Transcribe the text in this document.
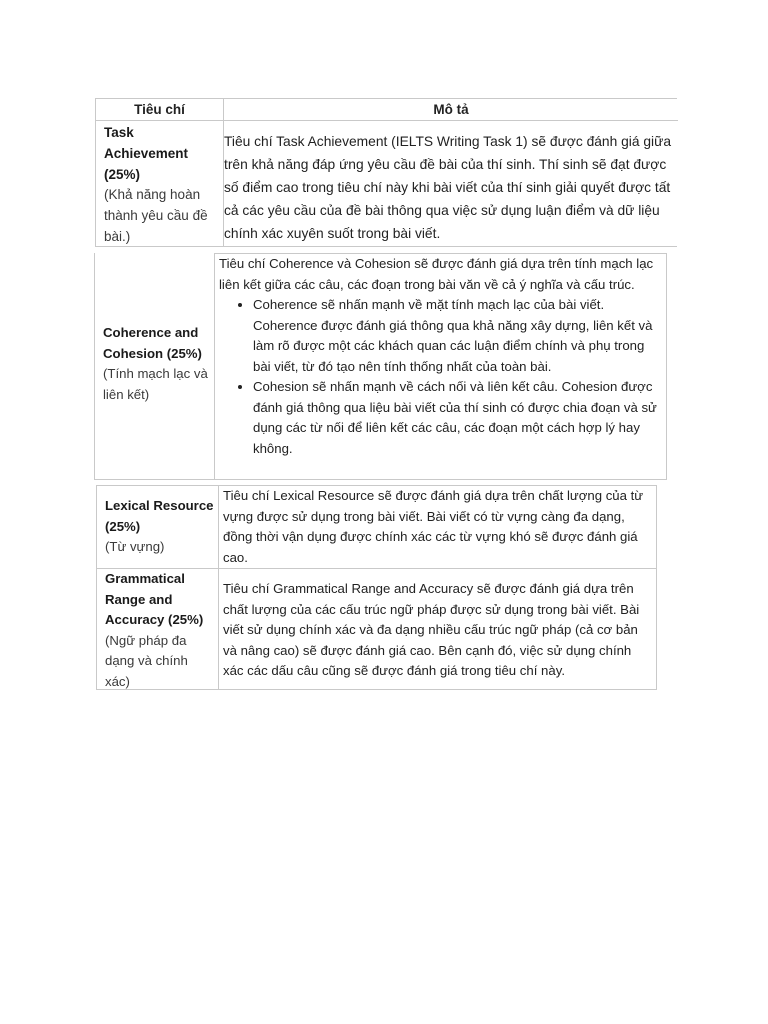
Tiêu chí	Mô tả
Task Achievement (25%)
(Khả năng hoàn thành yêu cầu đề bài.)
Tiêu chí Task Achievement (IELTS Writing Task 1) sẽ được đánh giá giữa trên khả năng đáp ứng yêu cầu đề bài của thí sinh. Thí sinh sẽ đạt được số điểm cao trong tiêu chí này khi bài viết của thí sinh giải quyết được tất cả các yêu cầu của đề bài thông qua việc sử dụng luận điểm và dữ liệu chính xác xuyên suốt trong bài viết.
Coherence and Cohesion (25%)
(Tính mạch lạc và liên kết)
Tiêu chí Coherence và Cohesion sẽ được đánh giá dựa trên tính mạch lạc liên kết giữa các câu, các đoạn trong bài văn về cả ý nghĩa và cấu trúc.
• Coherence sẽ nhấn mạnh về mặt tính mạch lạc của bài viết. Coherence được đánh giá thông qua khả năng xây dựng, liên kết và làm rõ được một các khách quan các luận điểm chính và phụ trong bài viết, từ đó tạo nên tính thống nhất của toàn bài.
• Cohesion sẽ nhấn mạnh về cách nối và liên kết câu. Cohesion được đánh giá thông qua liệu bài viết của thí sinh có được chia đoạn và sử dụng các từ nối để liên kết các câu, các đoạn một cách hợp lý hay không.
Lexical Resource (25%)
(Từ vựng)
Tiêu chí Lexical Resource sẽ được đánh giá dựa trên chất lượng của từ vựng được sử dụng trong bài viết. Bài viết có từ vựng càng đa dạng, đồng thời vận dụng được chính xác các từ vựng khó sẽ được đánh giá cao.
Grammatical Range and Accuracy (25%)
(Ngữ pháp đa dạng và chính xác)
Tiêu chí Grammatical Range and Accuracy sẽ được đánh giá dựa trên chất lượng của các cấu trúc ngữ pháp được sử dụng trong bài viết. Bài viết sử dụng chính xác và đa dạng nhiều cấu trúc ngữ pháp (cả cơ bản và nâng cao) sẽ được đánh giá cao. Bên cạnh đó, việc sử dụng chính xác các dấu câu cũng sẽ được đánh giá trong tiêu chí này.
